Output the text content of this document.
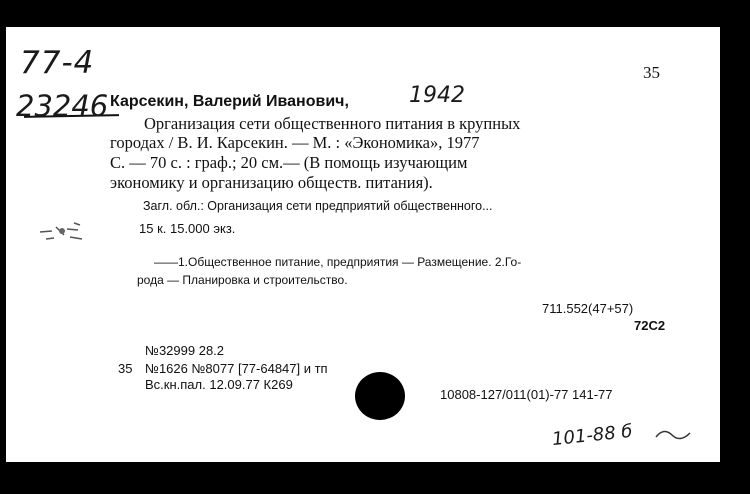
77-4
23246
35
Карсекин, Валерий Иванович,	1942
Организация сети общественного питания в крупных
городах / В. И. Карсекин. — М. : «Экономика», 1977
С. — 70 с. : граф.; 20 см.— (В помощь изучающим
экономику и организацию обществ. питания).
Загл. обл.: Организация сети предприятий общественного...
15 к. 15.000 экз.
——1.Общественное питание, предприятия — Размещение. 2.Го-
рода — Планировка и строительство.
711.552(47+57)
72С2
№32999 28.2
35 №1626 №8077 [77-64847] и тп
Вс.кн.пал. 12.09.77 К269
10808-127/011(01)-77 141-77
101-88 б
